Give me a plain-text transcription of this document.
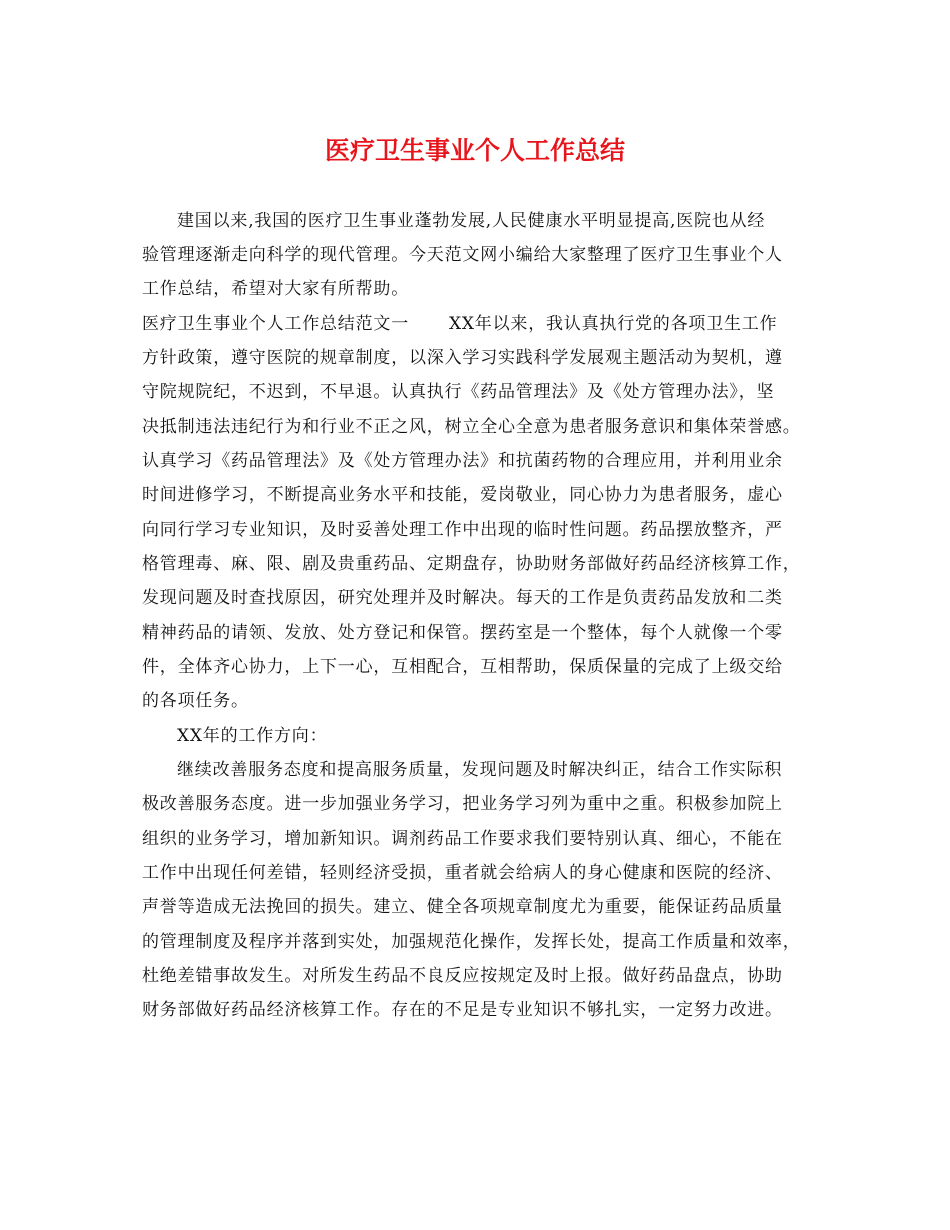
医疗卫生事业个人工作总结
建国以来,我国的医疗卫生事业蓬勃发展,人民健康水平明显提高,医院也从经
验管理逐渐走向科学的现代管理。今天范文网小编给大家整理了医疗卫生事业个人
工作总结，希望对大家有所帮助。
医疗卫生事业个人工作总结范文一 XX年以来，我认真执行党的各项卫生工作
方针政策，遵守医院的规章制度，以深入学习实践科学发展观主题活动为契机，遵
守院规院纪，不迟到，不早退。认真执行《药品管理法》及《处方管理办法》，坚
决抵制违法违纪行为和行业不正之风，树立全心全意为患者服务意识和集体荣誉感。
认真学习《药品管理法》及《处方管理办法》和抗菌药物的合理应用，并利用业余
时间进修学习，不断提高业务水平和技能，爱岗敬业，同心协力为患者服务，虚心
向同行学习专业知识，及时妥善处理工作中出现的临时性问题。药品摆放整齐，严
格管理毒、麻、限、剧及贵重药品、定期盘存，协助财务部做好药品经济核算工作，
发现问题及时查找原因，研究处理并及时解决。每天的工作是负责药品发放和二类
精神药品的请领、发放、处方登记和保管。摆药室是一个整体，每个人就像一个零
件，全体齐心协力，上下一心，互相配合，互相帮助，保质保量的完成了上级交给
的各项任务。
XX年的工作方向：
继续改善服务态度和提高服务质量，发现问题及时解决纠正，结合工作实际积
极改善服务态度。进一步加强业务学习，把业务学习列为重中之重。积极参加院上
组织的业务学习，增加新知识。调剂药品工作要求我们要特别认真、细心，不能在
工作中出现任何差错，轻则经济受损，重者就会给病人的身心健康和医院的经济、
声誉等造成无法挽回的损失。建立、健全各项规章制度尤为重要，能保证药品质量
的管理制度及程序并落到实处，加强规范化操作，发挥长处，提高工作质量和效率，
杜绝差错事故发生。对所发生药品不良反应按规定及时上报。做好药品盘点，协助
财务部做好药品经济核算工作。存在的不足是专业知识不够扎实，一定努力改进。
